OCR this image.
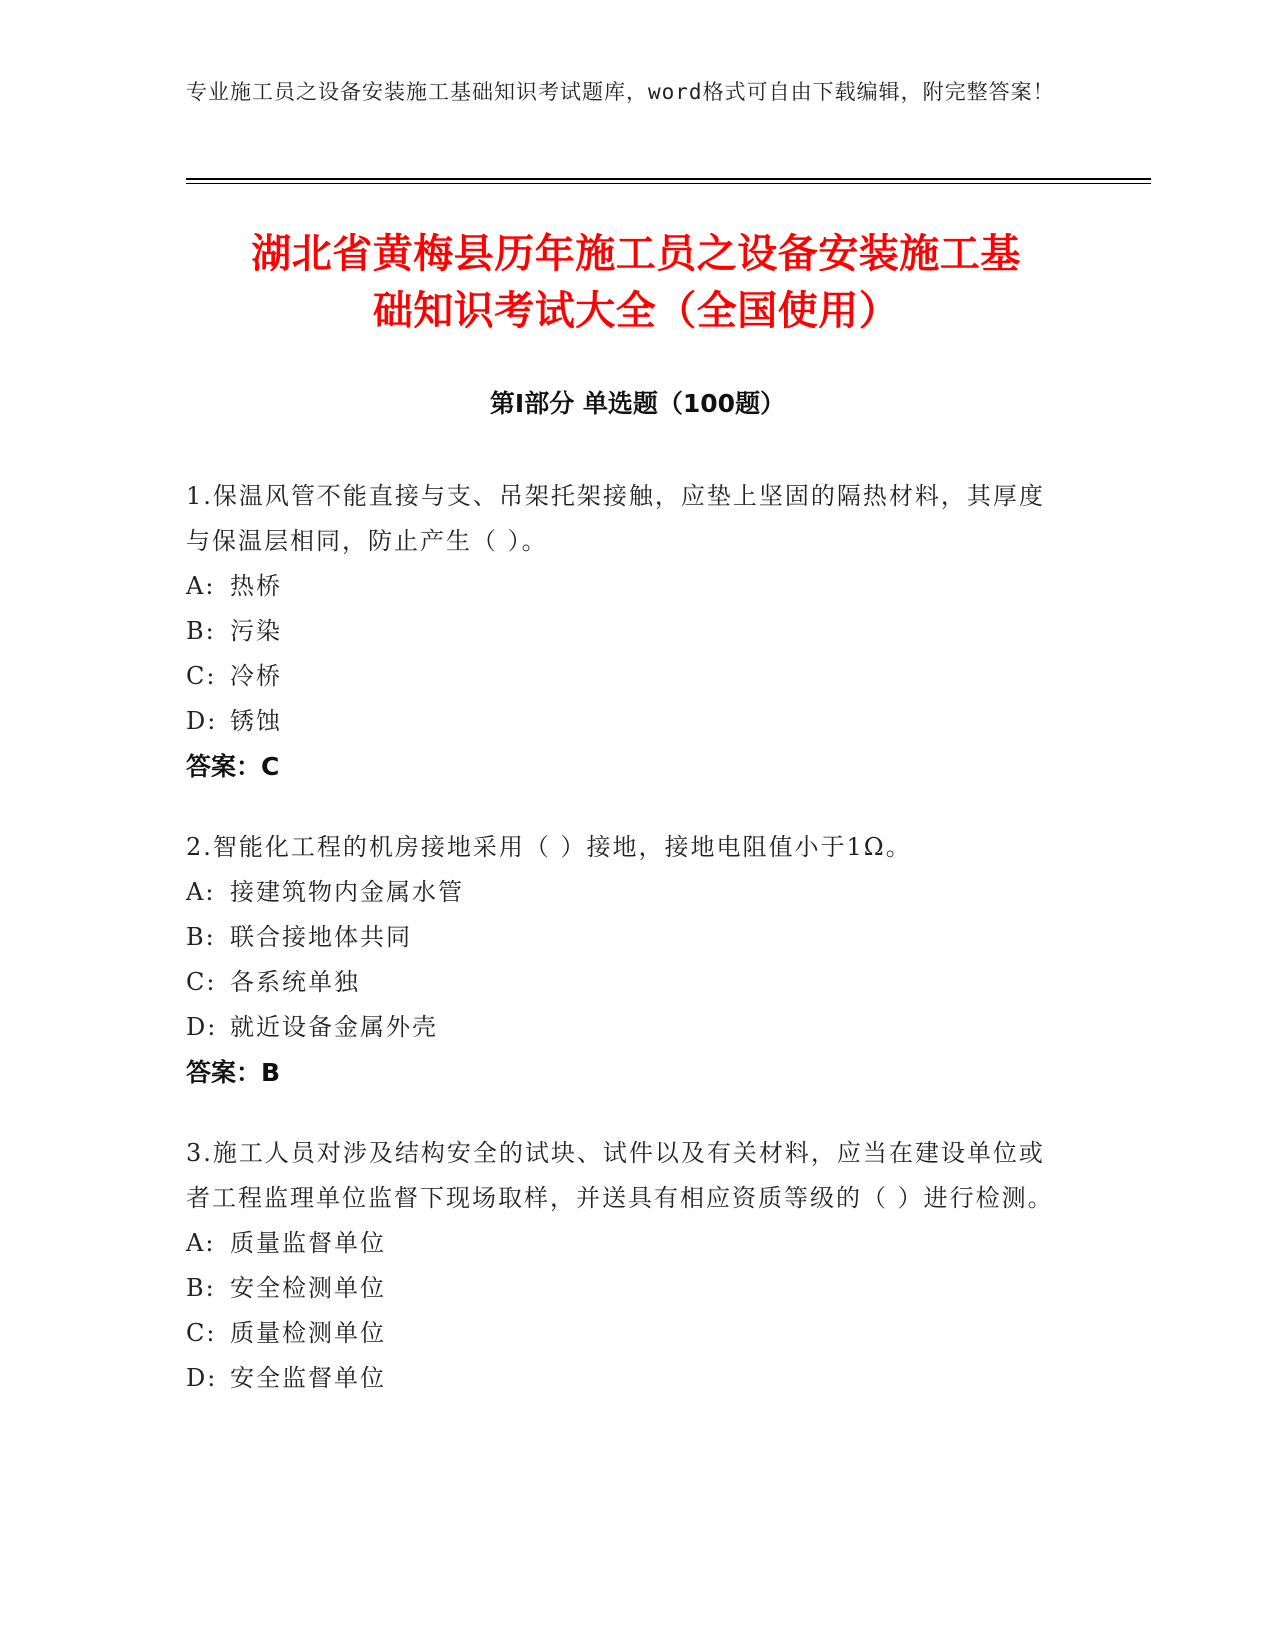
专业施工员之设备安装施工基础知识考试题库，word格式可自由下载编辑，附完整答案！
湖北省黄梅县历年施工员之设备安装施工基
础知识考试大全（全国使用）
第Ⅰ部分 单选题（100题）
1.保温风管不能直接与支、吊架托架接触，应垫上坚固的隔热材料，其厚度与保温层相同，防止产生（ ）。
A: 热桥
B: 污染
C: 冷桥
D: 锈蚀
答案：C
2.智能化工程的机房接地采用（ ）接地，接地电阻值小于1Ω。
A: 接建筑物内金属水管
B: 联合接地体共同
C: 各系统单独
D: 就近设备金属外壳
答案：B
3.施工人员对涉及结构安全的试块、试件以及有关材料，应当在建设单位或者工程监理单位监督下现场取样，并送具有相应资质等级的（ ）进行检测。
A: 质量监督单位
B: 安全检测单位
C: 质量检测单位
D: 安全监督单位
